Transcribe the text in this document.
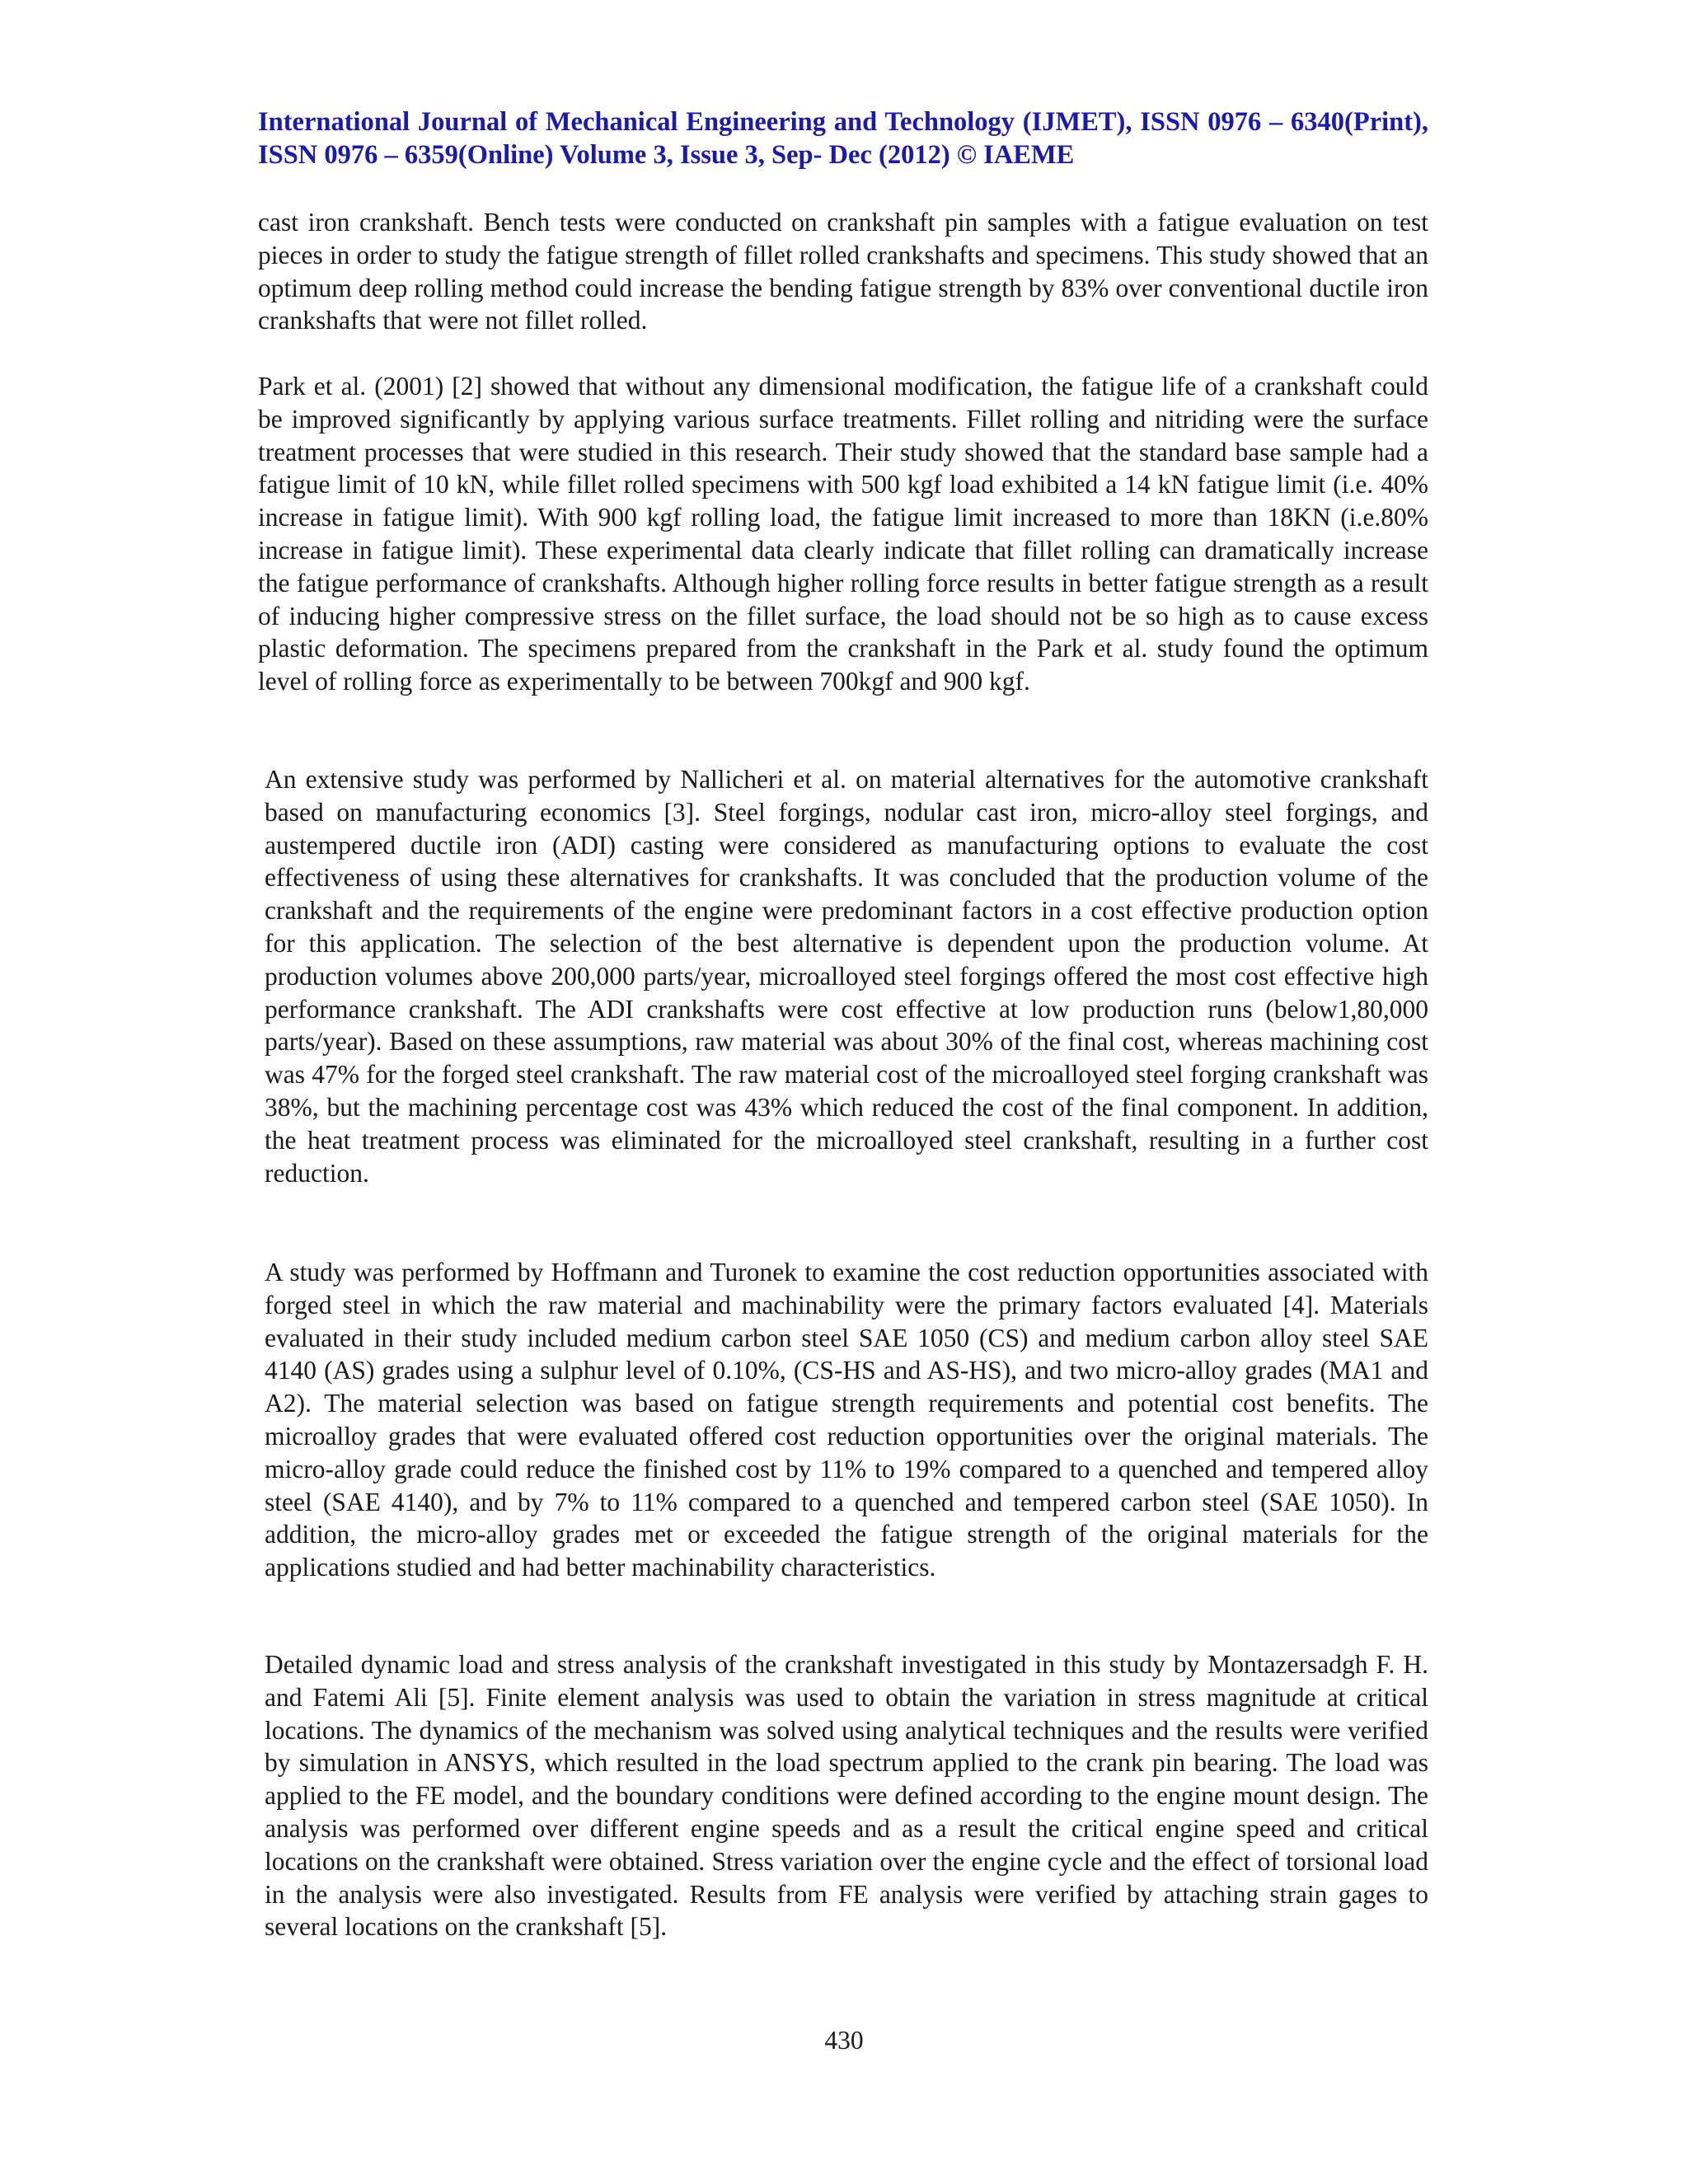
International Journal of Mechanical Engineering and Technology (IJMET), ISSN 0976 – 6340(Print), ISSN 0976 – 6359(Online) Volume 3, Issue 3, Sep- Dec (2012) © IAEME

cast iron crankshaft. Bench tests were conducted on crankshaft pin samples with a fatigue evaluation on test pieces in order to study the fatigue strength of fillet rolled crankshafts and specimens. This study showed that an optimum deep rolling method could increase the bending fatigue strength by 83% over conventional ductile iron crankshafts that were not fillet rolled.

Park et al. (2001) [2] showed that without any dimensional modification, the fatigue life of a crankshaft could be improved significantly by applying various surface treatments. Fillet rolling and nitriding were the surface treatment processes that were studied in this research. Their study showed that the standard base sample had a fatigue limit of 10 kN, while fillet rolled specimens with 500 kgf load exhibited a 14 kN fatigue limit (i.e. 40% increase in fatigue limit). With 900 kgf rolling load, the fatigue limit increased to more than 18KN (i.e.80% increase in fatigue limit). These experimental data clearly indicate that fillet rolling can dramatically increase the fatigue performance of crankshafts. Although higher rolling force results in better fatigue strength as a result of inducing higher compressive stress on the fillet surface, the load should not be so high as to cause excess plastic deformation. The specimens prepared from the crankshaft in the Park et al. study found the optimum level of rolling force as experimentally to be between 700kgf and 900 kgf.

An extensive study was performed by Nallicheri et al. on material alternatives for the automotive crankshaft based on manufacturing economics [3]. Steel forgings, nodular cast iron, micro-alloy steel forgings, and austempered ductile iron (ADI) casting were considered as manufacturing options to evaluate the cost effectiveness of using these alternatives for crankshafts. It was concluded that the production volume of the crankshaft and the requirements of the engine were predominant factors in a cost effective production option for this application. The selection of the best alternative is dependent upon the production volume. At production volumes above 200,000 parts/year, microalloyed steel forgings offered the most cost effective high performance crankshaft. The ADI crankshafts were cost effective at low production runs (below1,80,000 parts/year). Based on these assumptions, raw material was about 30% of the final cost, whereas machining cost was 47% for the forged steel crankshaft. The raw material cost of the microalloyed steel forging crankshaft was 38%, but the machining percentage cost was 43% which reduced the cost of the final component. In addition, the heat treatment process was eliminated for the microalloyed steel crankshaft, resulting in a further cost reduction.

A study was performed by Hoffmann and Turonek to examine the cost reduction opportunities associated with forged steel in which the raw material and machinability were the primary factors evaluated [4]. Materials evaluated in their study included medium carbon steel SAE 1050 (CS) and medium carbon alloy steel SAE 4140 (AS) grades using a sulphur level of 0.10%, (CS-HS and AS-HS), and two micro-alloy grades (MA1 and A2). The material selection was based on fatigue strength requirements and potential cost benefits. The microalloy grades that were evaluated offered cost reduction opportunities over the original materials. The micro-alloy grade could reduce the finished cost by 11% to 19% compared to a quenched and tempered alloy steel (SAE 4140), and by 7% to 11% compared to a quenched and tempered carbon steel (SAE 1050). In addition, the micro-alloy grades met or exceeded the fatigue strength of the original materials for the applications studied and had better machinability characteristics.

Detailed dynamic load and stress analysis of the crankshaft investigated in this study by Montazersadgh F. H. and Fatemi Ali [5]. Finite element analysis was used to obtain the variation in stress magnitude at critical locations. The dynamics of the mechanism was solved using analytical techniques and the results were verified by simulation in ANSYS, which resulted in the load spectrum applied to the crank pin bearing. The load was applied to the FE model, and the boundary conditions were defined according to the engine mount design. The analysis was performed over different engine speeds and as a result the critical engine speed and critical locations on the crankshaft were obtained. Stress variation over the engine cycle and the effect of torsional load in the analysis were also investigated. Results from FE analysis were verified by attaching strain gages to several locations on the crankshaft [5].

430
